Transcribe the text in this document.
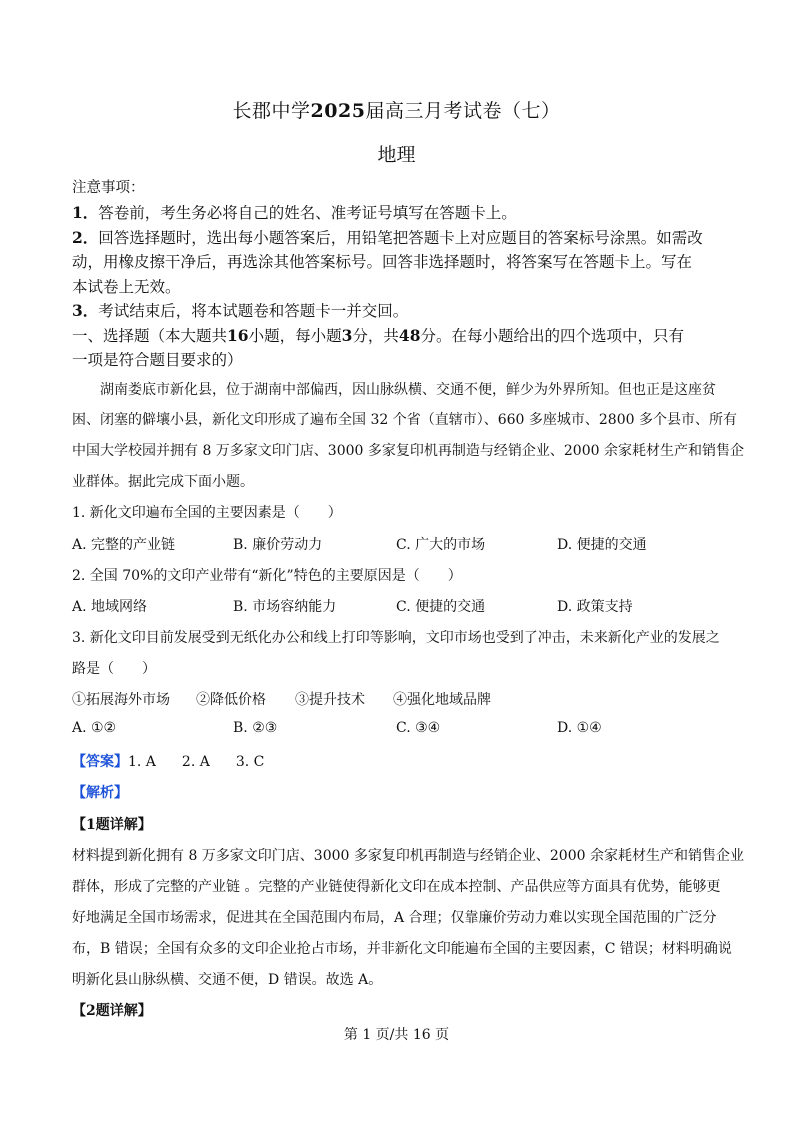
长郡中学2025届高三月考试卷（七）
地理
注意事项：
1．答卷前，考生务必将自己的姓名、准考证号填写在答题卡上。
2．回答选择题时，选出每小题答案后，用铅笔把答题卡上对应题目的答案标号涂黑。如需改
动，用橡皮擦干净后，再选涂其他答案标号。回答非选择题时，将答案写在答题卡上。写在
本试卷上无效。
3．考试结束后，将本试题卷和答题卡一并交回。
一、选择题（本大题共16小题，每小题3分，共48分。在每小题给出的四个选项中，只有
一项是符合题目要求的）
湖南娄底市新化县，位于湖南中部偏西，因山脉纵横、交通不便，鲜少为外界所知。但也正是这座贫
困、闭塞的僻壤小县，新化文印形成了遍布全国 32 个省（直辖市）、660 多座城市、2800 多个县市、所有
中国大学校园并拥有 8 万多家文印门店、3000 多家复印机再制造与经销企业、2000 余家耗材生产和销售企
业群体。据此完成下面小题。
1. 新化文印遍布全国的主要因素是（　　）
A. 完整的产业链	B. 廉价劳动力	C. 广大的市场	D. 便捷的交通
2. 全国 70%的文印产业带有“新化”特色的主要原因是（　　）
A. 地域网络	B. 市场容纳能力	C. 便捷的交通	D. 政策支持
3. 新化文印目前发展受到无纸化办公和线上打印等影响，文印市场也受到了冲击，未来新化产业的发展之
路是（　　）
①拓展海外市场 ②降低价格 ③提升技术 ④强化地域品牌
A. ①②	B. ②③	C. ③④	D. ①④
【答案】1. A 2. A 3. C
【解析】
【1题详解】
材料提到新化拥有 8 万多家文印门店、3000 多家复印机再制造与经销企业、2000 余家耗材生产和销售企业
群体，形成了完整的产业链 。完整的产业链使得新化文印在成本控制、产品供应等方面具有优势，能够更
好地满足全国市场需求，促进其在全国范围内布局，A 合理；仅靠廉价劳动力难以实现全国范围的广泛分
布，B 错误；全国有众多的文印企业抢占市场，并非新化文印能遍布全国的主要因素，C 错误；材料明确说
明新化县山脉纵横、交通不便，D 错误。故选 A。
【2题详解】
第 1 页/共 16 页
